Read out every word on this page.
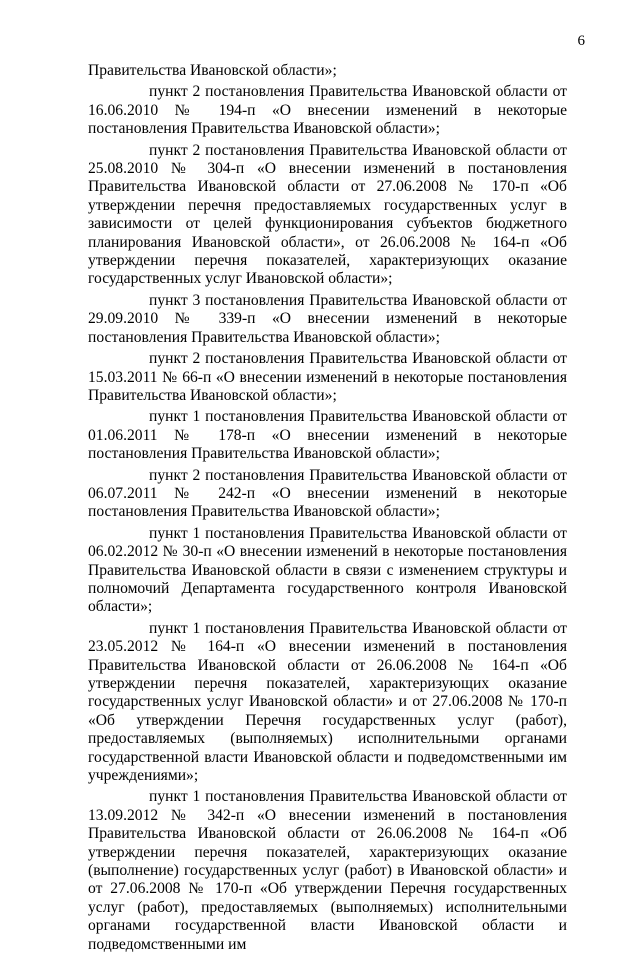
6

Правительства Ивановской области»;

пункт 2 постановления Правительства Ивановской области от 16.06.2010 № 194-п «О внесении изменений в некоторые постановления Правительства Ивановской области»;

пункт 2 постановления Правительства Ивановской области от 25.08.2010 № 304-п «О внесении изменений в постановления Правительства Ивановской области от 27.06.2008 № 170-п «Об утверждении перечня предоставляемых государственных услуг в зависимости от целей функционирования субъектов бюджетного планирования Ивановской области», от 26.06.2008 № 164-п «Об утверждении перечня показателей, характеризующих оказание государственных услуг Ивановской области»;

пункт 3 постановления Правительства Ивановской области от 29.09.2010 № 339-п «О внесении изменений в некоторые постановления Правительства Ивановской области»;

пункт 2 постановления Правительства Ивановской области от 15.03.2011 № 66-п «О внесении изменений в некоторые постановления Правительства Ивановской области»;

пункт 1 постановления Правительства Ивановской области от 01.06.2011 № 178-п «О внесении изменений в некоторые постановления Правительства Ивановской области»;

пункт 2 постановления Правительства Ивановской области от 06.07.2011 № 242-п «О внесении изменений в некоторые постановления Правительства Ивановской области»;

пункт 1 постановления Правительства Ивановской области от 06.02.2012 № 30-п «О внесении изменений в некоторые постановления Правительства Ивановской области в связи с изменением структуры и полномочий Департамента государственного контроля Ивановской области»;

пункт 1 постановления Правительства Ивановской области от 23.05.2012 № 164-п «О внесении изменений в постановления Правительства Ивановской области от 26.06.2008 № 164-п «Об утверждении перечня показателей, характеризующих оказание государственных услуг Ивановской области» и от 27.06.2008 № 170-п «Об утверждении Перечня государственных услуг (работ), предоставляемых (выполняемых) исполнительными органами государственной власти Ивановской области и подведомственными им учреждениями»;

пункт 1 постановления Правительства Ивановской области от 13.09.2012 № 342-п «О внесении изменений в постановления Правительства Ивановской области от 26.06.2008 № 164-п «Об утверждении перечня показателей, характеризующих оказание (выполнение) государственных услуг (работ) в Ивановской области» и от 27.06.2008 № 170-п «Об утверждении Перечня государственных услуг (работ), предоставляемых (выполняемых) исполнительными органами государственной власти Ивановской области и подведомственными им
